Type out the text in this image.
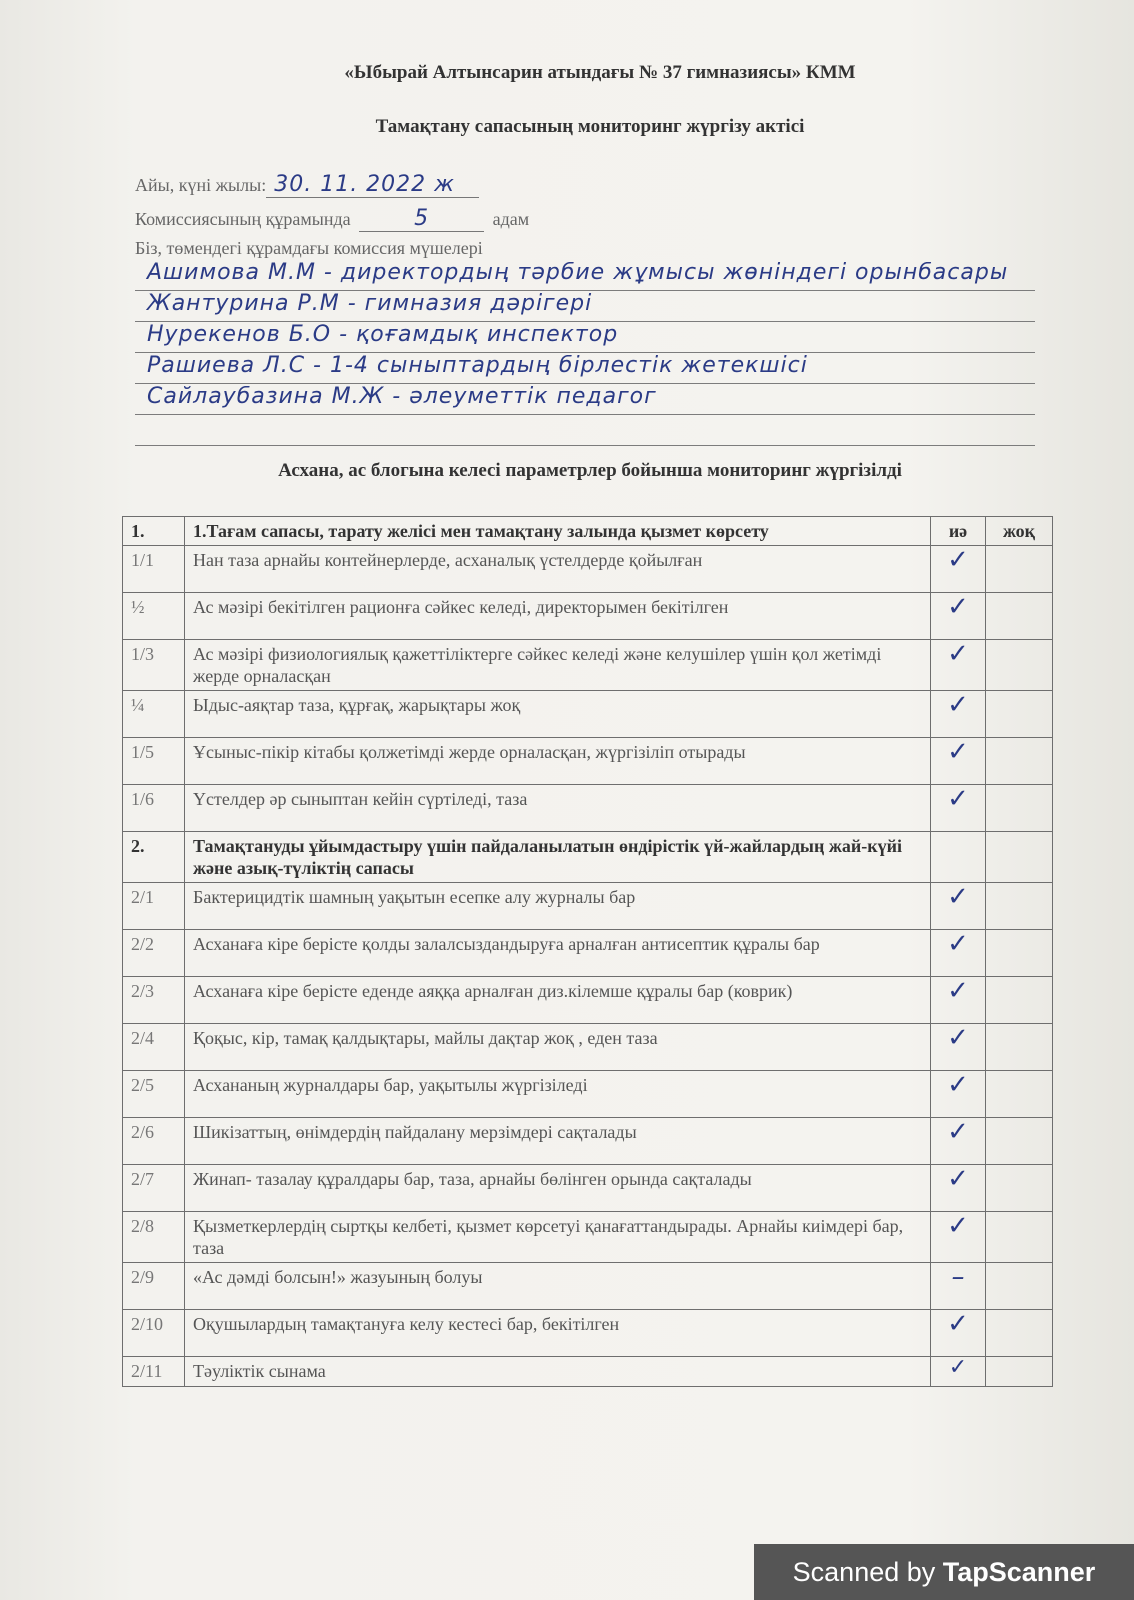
«Ыбырай Алтынсарин атындағы № 37 гимназиясы» КММ
Тамақтану сапасының мониторинг жүргізу актісі
Айы, күні жылы: 30. 11. 2022 ж
Комиссиясының құрамында	5	адам
Біз, төмендегі құрамдағы комиссия мүшелері
Ашимова М.М - директордың тәрбие жұмысы жөніндегі орынбасары
Жантурина Р.М - гимназия дәрігері
Нурекенов Б.О - қоғамдық инспектор
Рашиева Л.С - 1-4 сыныптардың бірлестік жетекшісі
Сайлаубазина М.Ж - әлеуметтік педагог
Асхана, ас блогына келесі параметрлер бойынша мониторинг жүргізілді
1.	1.Тағам сапасы, тарату желісі мен тамақтану залында қызмет көрсету	иә	жоқ
1/1	Нан таза арнайы контейнерлерде, асханалық үстелдерде қойылған	✓	
½	Ас мәзірі бекітілген рационға сәйкес келеді, директорымен бекітілген	✓	
1/3	Ас мәзірі физиологиялық қажеттіліктерге сәйкес келеді және келушілер үшін қол жетімді жерде орналасқан	✓	
¼	Ыдыс-аяқтар таза, құрғақ, жарықтары жоқ	✓	
1/5	Ұсыныс-пікір кітабы қолжетімді жерде орналасқан, жүргізіліп отырады	✓	
1/6	Үстелдер әр сыныптан кейін сүртіледі, таза	✓	
2.	Тамақтануды ұйымдастыру үшін пайдаланылатын өндірістік үй-жайлардың жай-күйі және азық-түліктің сапасы		
2/1	Бактерицидтік шамның уақытын есепке алу журналы бар	✓	
2/2	Асханаға кіре берісте қолды залалсыздандыруға арналған антисептик құралы бар	✓	
2/3	Асханаға кіре берісте еденде аяққа арналған диз.кілемше құралы бар (коврик)	✓	
2/4	Қоқыс, кір, тамақ қалдықтары, майлы дақтар жоқ , еден таза	✓	
2/5	Асхананың журналдары бар, уақытылы жүргізіледі	✓	
2/6	Шикізаттың, өнімдердің пайдалану мерзімдері сақталады	✓	
2/7	Жинап- тазалау құралдары бар, таза, арнайы бөлінген орында сақталады	✓	
2/8	Қызметкерлердің сыртқы келбеті, қызмет көрсетуі қанағаттандырады. Арнайы киімдері бар, таза	✓	
2/9	«Ас дәмді болсын!» жазуының болуы	–	
2/10	Оқушылардың тамақтануға келу кестесі бар, бекітілген	✓	
2/11	Тәуліктік сынама	✓	
Scanned by TapScanner
